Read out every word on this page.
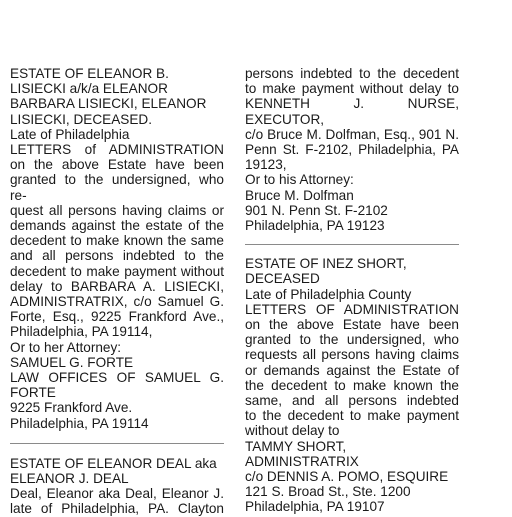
ESTATE OF ELEANOR B.
LISIECKI a/k/a ELEANOR
BARBARA LISIECKI, ELEANOR
LISIECKI, DECEASED.
Late of Philadelphia
LETTERS of ADMINISTRATION
on the above Estate have been
granted to the undersigned, who re-
quest all persons having claims or
demands against the estate of the
decedent to make known the same
and all persons indebted to the
decedent to make payment without
delay to BARBARA A. LISIECKI,
ADMINISTRATRIX, c/o Samuel G.
Forte, Esq., 9225 Frankford Ave.,
Philadelphia, PA 19114,
Or to her Attorney:
SAMUEL G. FORTE
LAW OFFICES OF SAMUEL G.
FORTE
9225 Frankford Ave.
Philadelphia, PA 19114
ESTATE OF ELEANOR DEAL aka
ELEANOR J. DEAL
Deal, Eleanor aka Deal, Eleanor J.
late of Philadelphia, PA. Clayton
persons indebted to the decedent
to make payment without delay to
KENNETH J. NURSE, EXECUTOR,
c/o Bruce M. Dolfman, Esq., 901 N.
Penn St. F-2102, Philadelphia, PA
19123,
Or to his Attorney:
Bruce M. Dolfman
901 N. Penn St. F-2102
Philadelphia, PA 19123
ESTATE OF INEZ SHORT,
DECEASED
Late of Philadelphia County
LETTERS OF ADMINISTRATION
on the above Estate have been
granted to the undersigned, who
requests all persons having claims
or demands against the Estate of
the decedent to make known the
same, and all persons indebted
to the decedent to make payment
without delay to
TAMMY SHORT,
ADMINISTRATRIX
c/o DENNIS A. POMO, ESQUIRE
121 S. Broad St., Ste. 1200
Philadelphia, PA 19107
